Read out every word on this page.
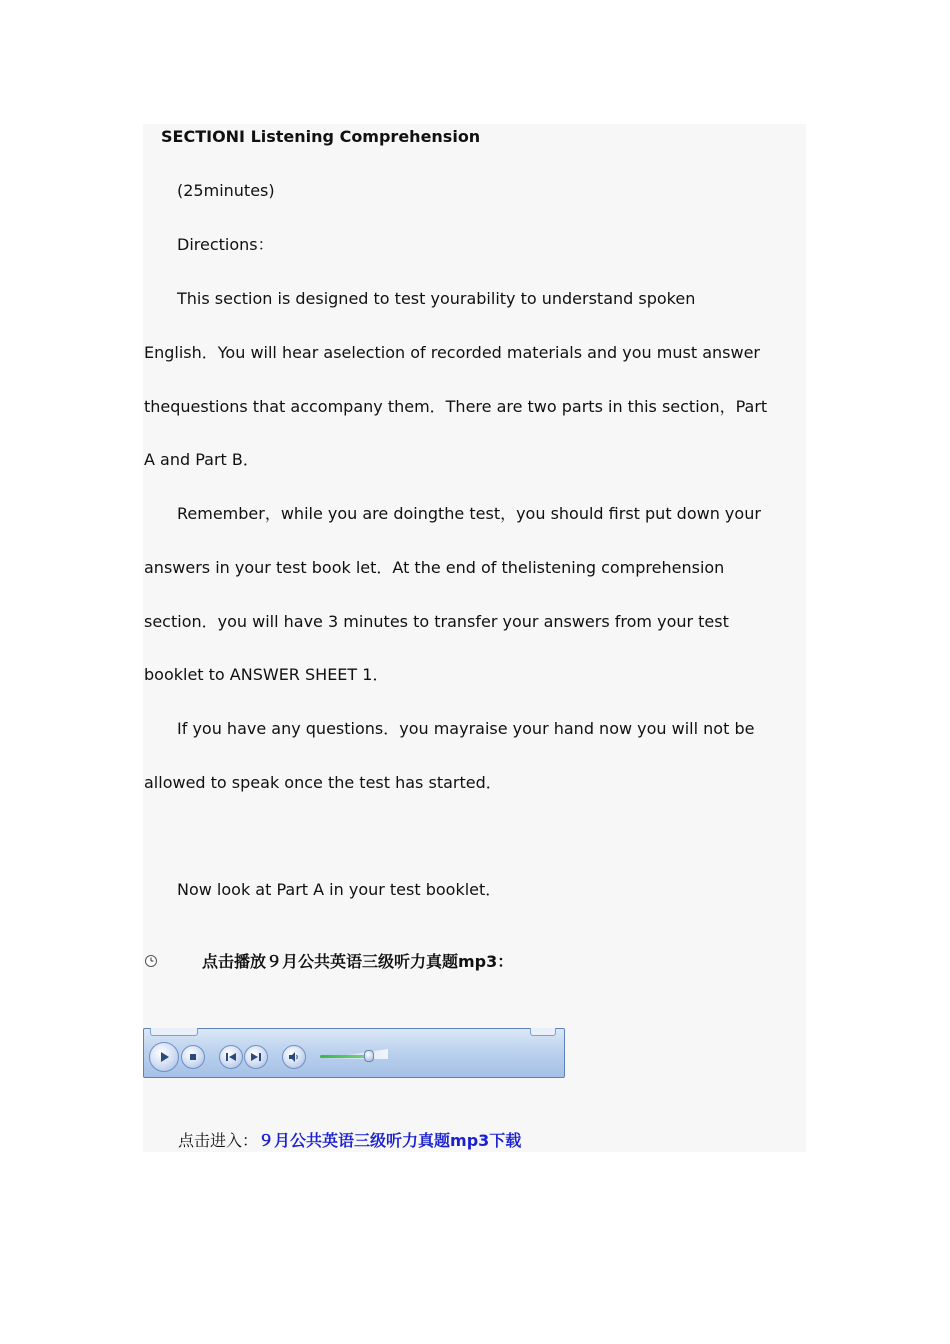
SECTIONI Listening Comprehension
(25minutes)
Directions：
This section is designed to test yourability to understand spoken
English．You will hear aselection of recorded materials and you must answer
thequestions that accompany them．There are two parts in this section，Part
A and Part B．
Remember，while you are doingthe test，you should first put down your
answers in your test book let．At the end of thelistening comprehension
section．you will have 3 minutes to transfer your answers from your test
booklet to ANSWER SHEET 1．
If you have any questions．you mayraise your hand now you will not be
allowed to speak once the test has started．
Now look at Part A in your test booklet．
点击播放９月公共英语三级听力真题mp3：
点击进入：９月公共英语三级听力真题mp3下载
